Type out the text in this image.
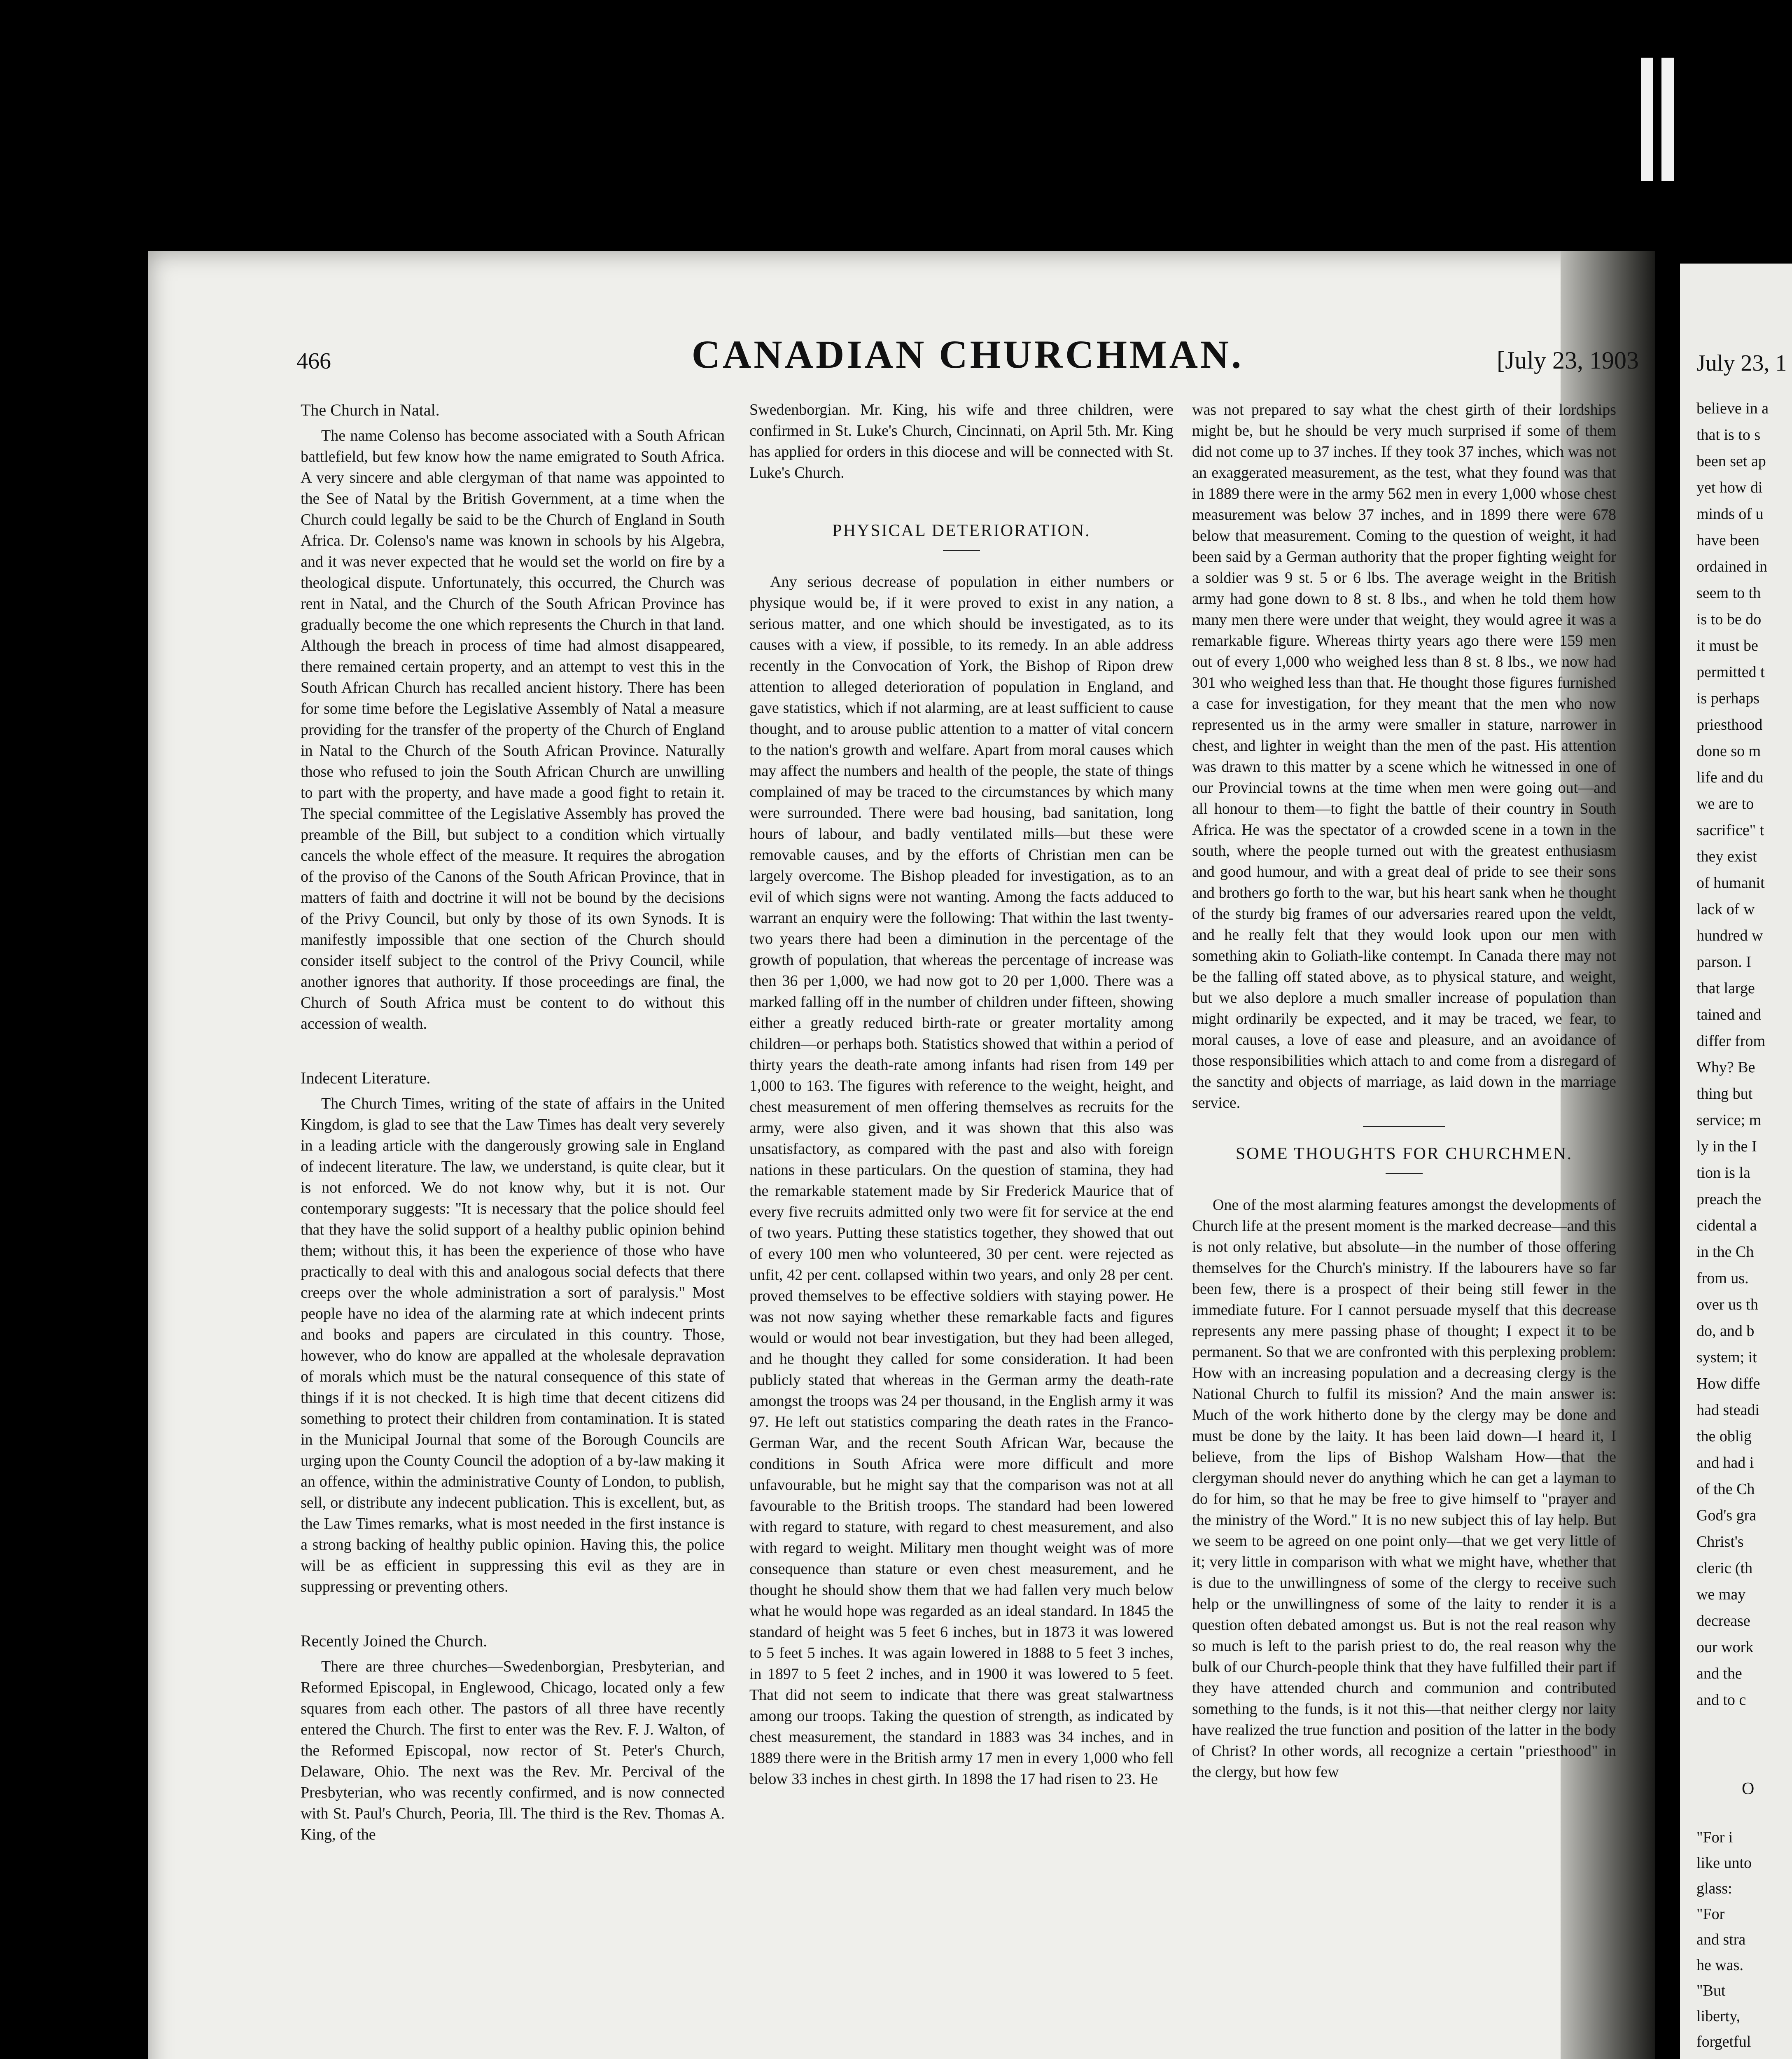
466	CANADIAN CHURCHMAN.	[July 23, 1903
The Church in Natal.

The name Colenso has become associated with a South African battlefield, but few know how the name emigrated to South Africa. A very sincere and able clergyman of that name was appointed to the See of Natal by the British Government, at a time when the Church could legally be said to be the Church of England in South Africa. Dr. Colenso's name was known in schools by his Algebra, and it was never expected that he would set the world on fire by a theological dispute. Unfortunately, this occurred, the Church was rent in Natal, and the Church of the South African Province has gradually become the one which represents the Church in that land. Although the breach in process of time had almost disappeared, there remained certain property, and an attempt to vest this in the South African Church has recalled ancient history. There has been for some time before the Legislative Assembly of Natal a measure providing for the transfer of the property of the Church of England in Natal to the Church of the South African Province. Naturally those who refused to join the South African Church are unwilling to part with the property, and have made a good fight to retain it. The special committee of the Legislative Assembly has proved the preamble of the Bill, but subject to a condition which virtually cancels the whole effect of the measure. It requires the abrogation of the proviso of the Canons of the South African Province, that in matters of faith and doctrine it will not be bound by the decisions of the Privy Council, but only by those of its own Synods. It is manifestly impossible that one section of the Church should consider itself subject to the control of the Privy Council, while another ignores that authority. If those proceedings are final, the Church of South Africa must be content to do without this accession of wealth.

Indecent Literature.

The Church Times, writing of the state of affairs in the United Kingdom, is glad to see that the Law Times has dealt very severely in a leading article with the dangerously growing sale in England of indecent literature. The law, we understand, is quite clear, but it is not enforced. We do not know why, but it is not. Our contemporary suggests: "It is necessary that the police should feel that they have the solid support of a healthy public opinion behind them; without this, it has been the experience of those who have practically to deal with this and analogous social defects that there creeps over the whole administration a sort of paralysis." Most people have no idea of the alarming rate at which indecent prints and books and papers are circulated in this country. Those, however, who do know are appalled at the wholesale depravation of morals which must be the natural consequence of this state of things if it is not checked. It is high time that decent citizens did something to protect their children from contamination. It is stated in the Municipal Journal that some of the Borough Councils are urging upon the County Council the adoption of a by-law making it an offence, within the administrative County of London, to publish, sell, or distribute any indecent publication. This is excellent, but, as the Law Times remarks, what is most needed in the first instance is a strong backing of healthy public opinion. Having this, the police will be as efficient in suppressing this evil as they are in suppressing or preventing others.

Recently Joined the Church.

There are three churches—Swedenborgian, Presbyterian, and Reformed Episcopal, in Englewood, Chicago, located only a few squares from each other. The pastors of all three have recently entered the Church. The first to enter was the Rev. F. J. Walton, of the Reformed Episcopal, now rector of St. Peter's Church, Delaware, Ohio. The next was the Rev. Mr. Percival of the Presbyterian, who was recently confirmed, and is now connected with St. Paul's Church, Peoria, Ill. The third is the Rev. Thomas A. King, of the

Swedenborgian. Mr. King, his wife and three children, were confirmed in St. Luke's Church, Cincinnati, on April 5th. Mr. King has applied for orders in this diocese and will be connected with St. Luke's Church.

PHYSICAL DETERIORATION.

Any serious decrease of population in either numbers or physique would be, if it were proved to exist in any nation, a serious matter, and one which should be investigated, as to its causes with a view, if possible, to its remedy. In an able address recently in the Convocation of York, the Bishop of Ripon drew attention to alleged deterioration of population in England, and gave statistics, which if not alarming, are at least sufficient to cause thought, and to arouse public attention to a matter of vital concern to the nation's growth and welfare. Apart from moral causes which may affect the numbers and health of the people, the state of things complained of may be traced to the circumstances by which many were surrounded. There were bad housing, bad sanitation, long hours of labour, and badly ventilated mills—but these were removable causes, and by the efforts of Christian men can be largely overcome. The Bishop pleaded for investigation, as to an evil of which signs were not wanting. Among the facts adduced to warrant an enquiry were the following: That within the last twenty-two years there had been a diminution in the percentage of the growth of population, that whereas the percentage of increase was then 36 per 1,000, we had now got to 20 per 1,000. There was a marked falling off in the number of children under fifteen, showing either a greatly reduced birth-rate or greater mortality among children—or perhaps both. Statistics showed that within a period of thirty years the death-rate among infants had risen from 149 per 1,000 to 163. The figures with reference to the weight, height, and chest measurement of men offering themselves as recruits for the army, were also given, and it was shown that this also was unsatisfactory, as compared with the past and also with foreign nations in these particulars. On the question of stamina, they had the remarkable statement made by Sir Frederick Maurice that of every five recruits admitted only two were fit for service at the end of two years. Putting these statistics together, they showed that out of every 100 men who volunteered, 30 per cent. were rejected as unfit, 42 per cent. collapsed within two years, and only 28 per cent. proved themselves to be effective soldiers with staying power. He was not now saying whether these remarkable facts and figures would or would not bear investigation, but they had been alleged, and he thought they called for some consideration. It had been publicly stated that whereas in the German army the death-rate amongst the troops was 24 per thousand, in the English army it was 97. He left out statistics comparing the death rates in the Franco-German War, and the recent South African War, because the conditions in South Africa were more difficult and more unfavourable, but he might say that the comparison was not at all favourable to the British troops. The standard had been lowered with regard to stature, with regard to chest measurement, and also with regard to weight. Military men thought weight was of more consequence than stature or even chest measurement, and he thought he should show them that we had fallen very much below what he would hope was regarded as an ideal standard. In 1845 the standard of height was 5 feet 6 inches, but in 1873 it was lowered to 5 feet 5 inches. It was again lowered in 1888 to 5 feet 3 inches, in 1897 to 5 feet 2 inches, and in 1900 it was lowered to 5 feet. That did not seem to indicate that there was great stalwartness among our troops. Taking the question of strength, as indicated by chest measurement, the standard in 1883 was 34 inches, and in 1889 there were in the British army 17 men in every 1,000 who fell below 33 inches in chest girth. In 1898 the 17 had risen to 23. He

was not prepared to say what the chest girth of their lordships might be, but he should be very much surprised if some of them did not come up to 37 inches. If they took 37 inches, which was not an exaggerated measurement, as the test, what they found was that in 1889 there were in the army 562 men in every 1,000 whose chest measurement was below 37 inches, and in 1899 there were 678 below that measurement. Coming to the question of weight, it had been said by a German authority that the proper fighting weight for a soldier was 9 st. 5 or 6 lbs. The average weight in the British army had gone down to 8 st. 8 lbs., and when he told them how many men there were under that weight, they would agree it was a remarkable figure. Whereas thirty years ago there were 159 men out of every 1,000 who weighed less than 8 st. 8 lbs., we now had 301 who weighed less than that. He thought those figures furnished a case for investigation, for they meant that the men who now represented us in the army were smaller in stature, narrower in chest, and lighter in weight than the men of the past. His attention was drawn to this matter by a scene which he witnessed in one of our Provincial towns at the time when men were going out—and all honour to them—to fight the battle of their country in South Africa. He was the spectator of a crowded scene in a town in the south, where the people turned out with the greatest enthusiasm and good humour, and with a great deal of pride to see their sons and brothers go forth to the war, but his heart sank when he thought of the sturdy big frames of our adversaries reared upon the veldt, and he really felt that they would look upon our men with something akin to Goliath-like contempt. In Canada there may not be the falling off stated above, as to physical stature, and weight, but we also deplore a much smaller increase of population than might ordinarily be expected, and it may be traced, we fear, to moral causes, a love of ease and pleasure, and an avoidance of those responsibilities which attach to and come from a disregard of the sanctity and objects of marriage, as laid down in the marriage service.

SOME THOUGHTS FOR CHURCHMEN.

One of the most alarming features amongst the developments of Church life at the present moment is the marked decrease—and this is not only relative, but absolute—in the number of those offering themselves for the Church's ministry. If the labourers have so far been few, there is a prospect of their being still fewer in the immediate future. For I cannot persuade myself that this decrease represents any mere passing phase of thought; I expect it to be permanent. So that we are confronted with this perplexing problem: How with an increasing population and a decreasing clergy is the National Church to fulfil its mission? And the main answer is: Much of the work hitherto done by the clergy may be done and must be done by the laity. It has been laid down—I heard it, I believe, from the lips of Bishop Walsham How—that the clergyman should never do anything which he can get a layman to do for him, so that he may be free to give himself to "prayer and the ministry of the Word." It is no new subject this of lay help. But we seem to be agreed on one point only—that we get very little of it; very little in comparison with what we might have, whether that is due to the unwillingness of some of the clergy to receive such help or the unwillingness of some of the laity to render it is a question often debated amongst us. But is not the real reason why so much is left to the parish priest to do, the real reason why the bulk of our Church-people think that they have fulfilled their part if they have attended church and communion and contributed something to the funds, is it not this—that neither clergy nor laity have realized the true function and position of the latter in the body of Christ? In other words, all recognize a certain "priesthood" in the clergy, but how few

July 23, 1
believe in a
that is to s
been set ap
yet how di
minds of u
have been
ordained in
seem to th
is to be do
it must be
permitted t
is perhaps
priesthood
done so m
life and du
we are to
sacrifice" t
they exist
of humanit
lack of w
hundred w
parson. I
that large
tained and
differ from
Why? Be
thing but
service; m
ly in the I
tion is la
preach the
cidental a
in the Ch
from us.
over us th
do, and b
system; it
How diffe
had steadi
the oblig
and had i
of the Ch
God's gra
Christ's
cleric (th
we may
decrease
our work
and the
and to c
O
"For i
like unto
glass:
"For
and stra
he was.
"But
liberty,
forgetful
